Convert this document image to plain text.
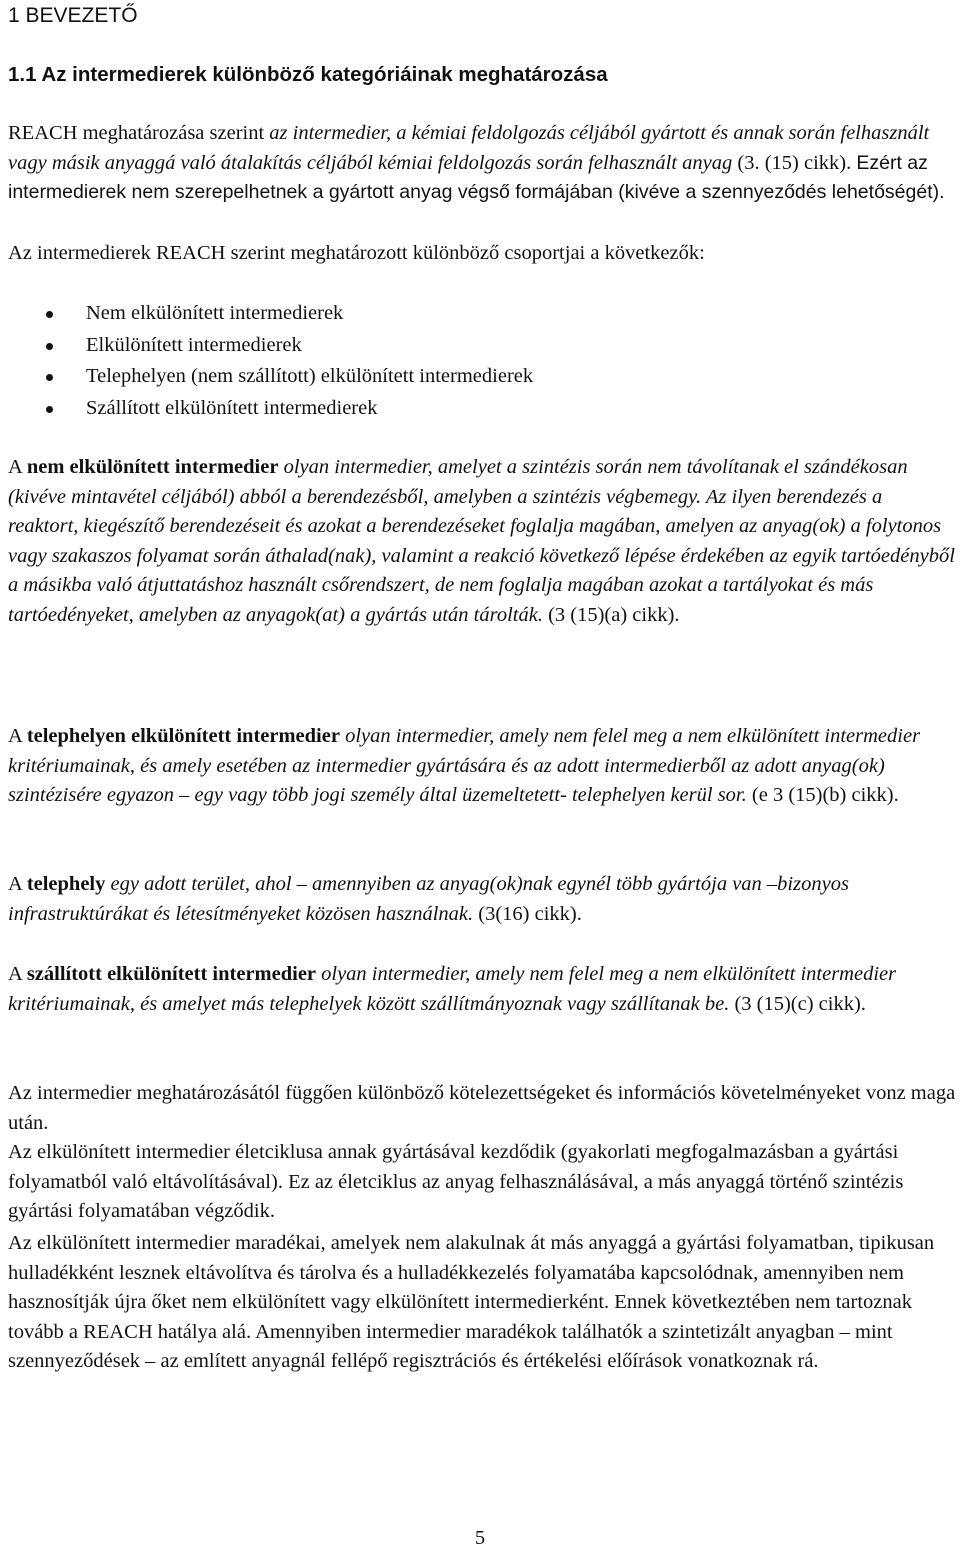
1 BEVEZETŐ
1.1 Az intermedierek különböző kategóriáinak meghatározása

REACH meghatározása szerint az intermedier, a kémiai feldolgozás céljából gyártott és annak során felhasznált vagy másik anyaggá való átalakítás céljából kémiai feldolgozás során felhasznált anyag (3. (15) cikk). Ezért az intermedierek nem szerepelhetnek a gyártott anyag végső formájában (kivéve a szennyeződés lehetőségét).

Az intermedierek REACH szerint meghatározott különböző csoportjai a következők:

Nem elkülönített intermedierek
Elkülönített intermedierek
Telephelyen (nem szállított) elkülönített intermedierek
Szállított elkülönített intermedierek

A nem elkülönített intermedier olyan intermedier, amelyet a szintézis során nem távolítanak el szándékosan (kivéve mintavétel céljából) abból a berendezésből, amelyben a szintézis végbemegy. Az ilyen berendezés a reaktort, kiegészítő berendezéseit és azokat a berendezéseket foglalja magában, amelyen az anyag(ok) a folytonos vagy szakaszos folyamat során áthalad(nak), valamint a reakció következő lépése érdekében az egyik tartóedényből a másikba való átjuttatáshoz használt csőrendszert, de nem foglalja magában azokat a tartályokat és más tartóedényeket, amelyben az anyagok(at) a gyártás után tárolták. (3 (15)(a) cikk).

A telephelyen elkülönített intermedier olyan intermedier, amely nem felel meg a nem elkülönített intermedier kritériumainak, és amely esetében az intermedier gyártására és az adott intermedierből az adott anyag(ok) szintézisére egyazon – egy vagy több jogi személy által üzemeltetett- telephelyen kerül sor. (e 3 (15)(b) cikk).

A telephely egy adott terület, ahol – amennyiben az anyag(ok)nak egynél több gyártója van –bizonyos infrastruktúrákat és létesítményeket közösen használnak. (3(16) cikk).

A szállított elkülönített intermedier olyan intermedier, amely nem felel meg a nem elkülönített intermedier kritériumainak, és amelyet más telephelyek között szállítmányoznak vagy szállítanak be. (3 (15)(c) cikk).

Az intermedier meghatározásától függően különböző kötelezettségeket és információs követelményeket vonz maga után.

Az elkülönített intermedier életciklusa annak gyártásával kezdődik (gyakorlati megfogalmazásban a gyártási folyamatból való eltávolításával). Ez az életciklus az anyag felhasználásával, a más anyaggá történő szintézis gyártási folyamatában végződik.

Az elkülönített intermedier maradékai, amelyek nem alakulnak át más anyaggá a gyártási folyamatban, tipikusan hulladékként lesznek eltávolítva és tárolva és a hulladékkezelés folyamatába kapcsolódnak, amennyiben nem hasznosítják újra őket nem elkülönített vagy elkülönített intermedierként. Ennek következtében nem tartoznak tovább a REACH hatálya alá. Amennyiben intermedier maradékok találhatók a szintetizált anyagban – mint szennyeződések – az említett anyagnál fellépő regisztrációs és értékelési előírások vonatkoznak rá.

5
